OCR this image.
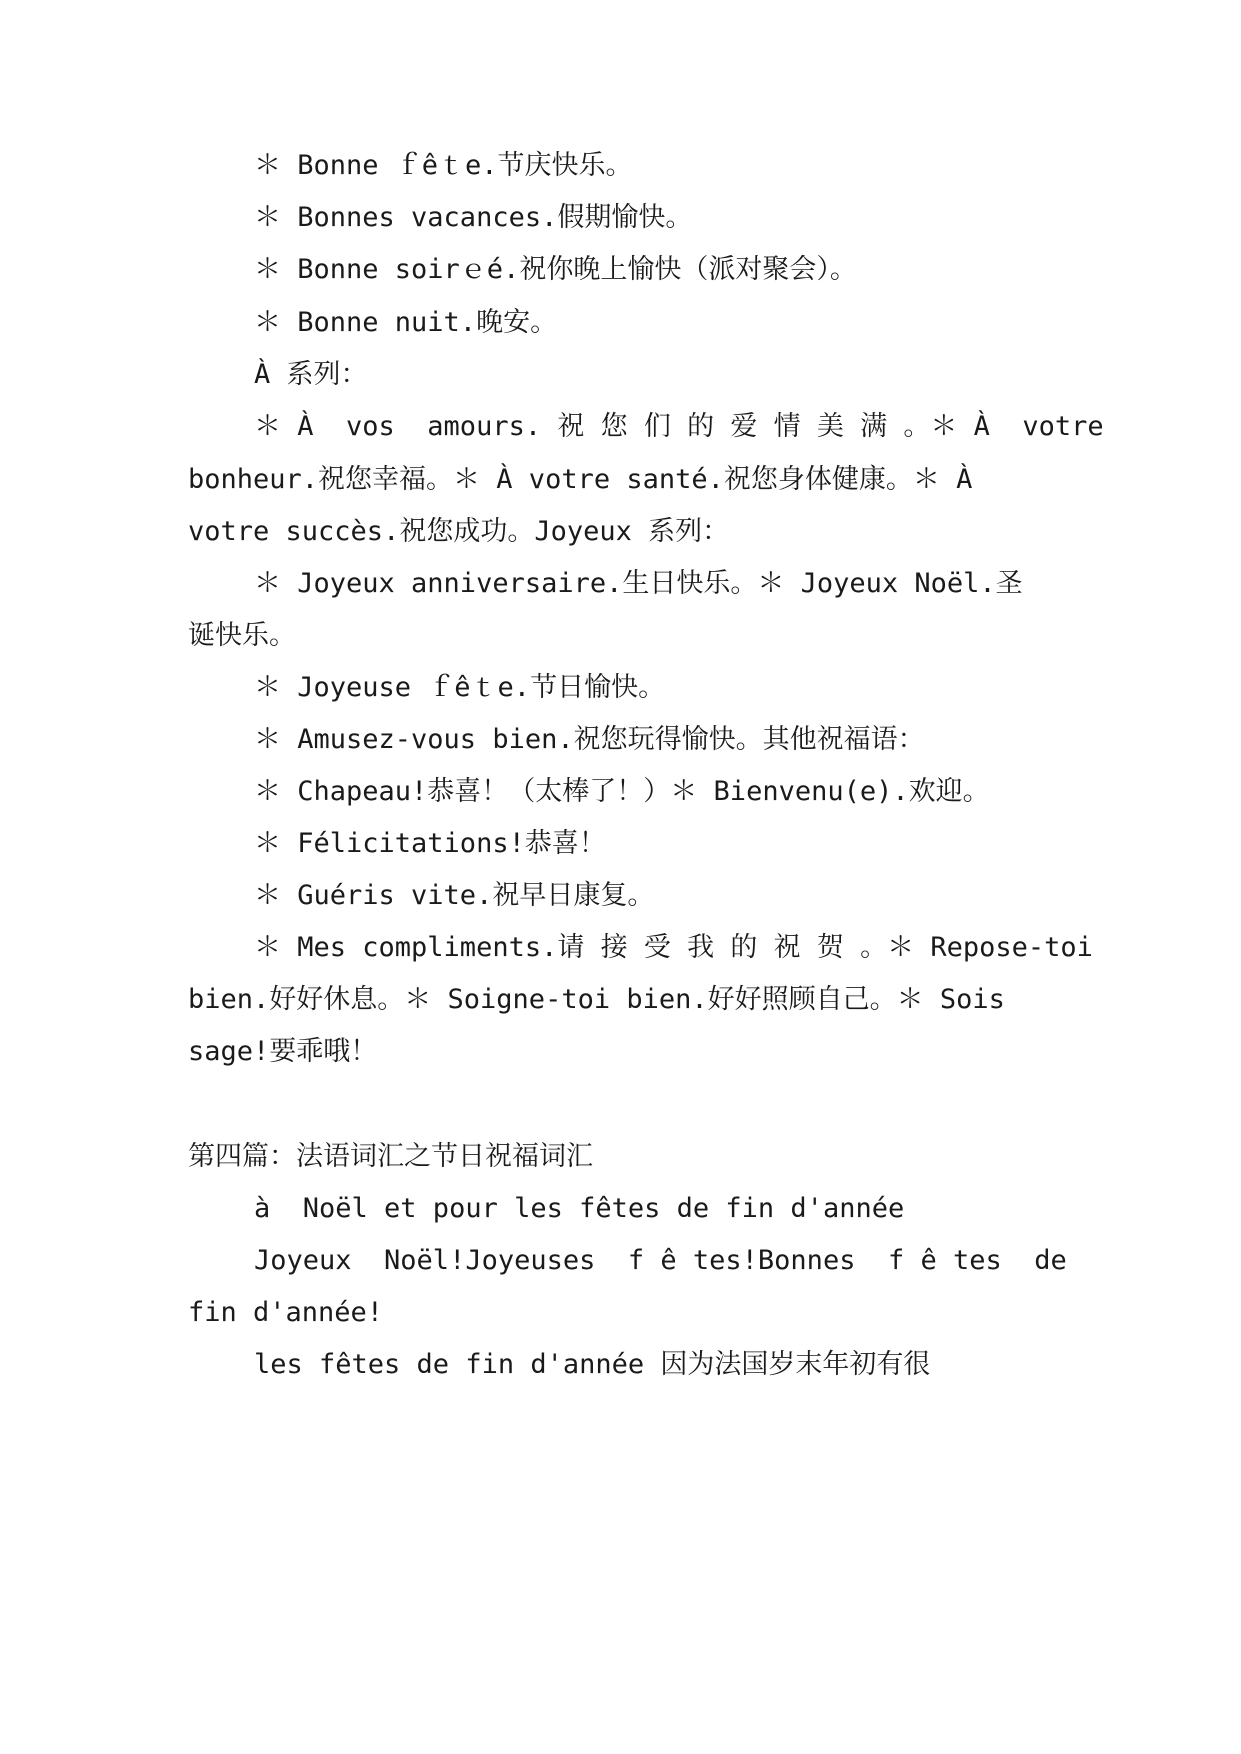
＊ Bonne ｆêｔe.节庆快乐。
＊ Bonnes vacances.假期愉快。
＊ Bonne soirｅé.祝你晚上愉快（派对聚会）。
＊ Bonne nuit.晚安。
À 系列：
＊ À  vos  amours. 祝 您 们 的 爱 情 美 满 。＊ À  votre
bonheur.祝您幸福。＊ À votre santé.祝您身体健康。＊ À
votre succès.祝您成功。Joyeux 系列：
＊ Joyeux anniversaire.生日快乐。＊ Joyeux Noël.圣
诞快乐。
＊ Joyeuse ｆêｔe.节日愉快。
＊ Amusez-vous bien.祝您玩得愉快。其他祝福语：
＊ Chapeau!恭喜！（太棒了！）＊ Bienvenu(e).欢迎。
＊ Félicitations!恭喜！
＊ Guéris vite.祝早日康复。
＊ Mes compliments.请 接 受 我 的 祝 贺 。＊ Repose-toi
bien.好好休息。＊ Soigne-toi bien.好好照顾自己。＊ Sois
sage!要乖哦！
第四篇：法语词汇之节日祝福词汇
à  Noël et pour les fêtes de fin d'année
Joyeux  Noël!Joyeuses  f ê tes!Bonnes  f ê tes  de
fin d'année!
les fêtes de fin d'année 因为法国岁末年初有很
